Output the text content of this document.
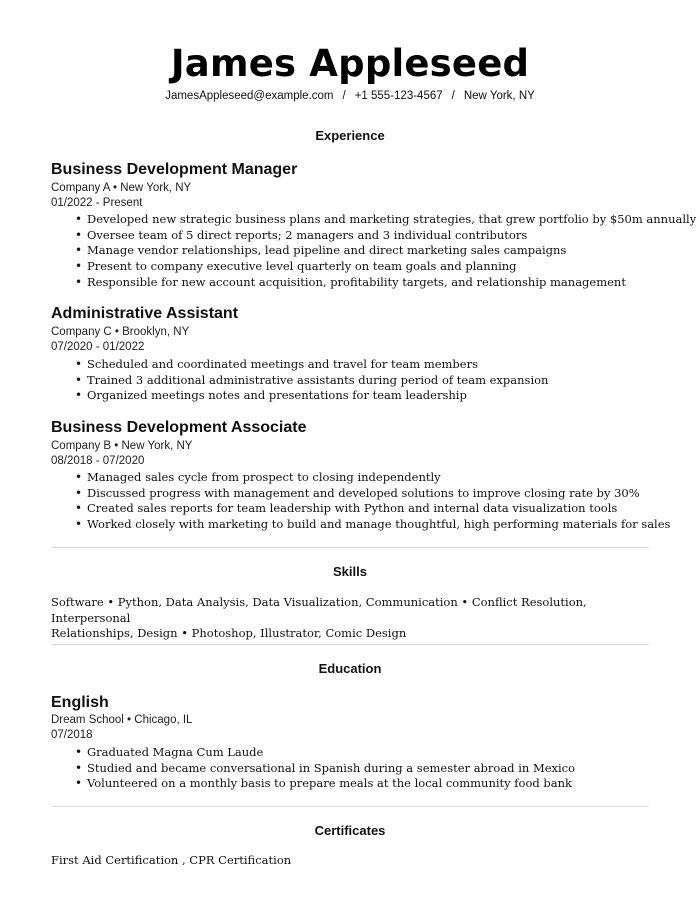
James Appleseed
JamesAppleseed@example.com / +1 555-123-4567 / New York, NY
Experience
Business Development Manager
Company A • New York, NY
01/2022 - Present
• Developed new strategic business plans and marketing strategies, that grew portfolio by $50m annually
• Oversee team of 5 direct reports; 2 managers and 3 individual contributors
• Manage vendor relationships, lead pipeline and direct marketing sales campaigns
• Present to company executive level quarterly on team goals and planning
• Responsible for new account acquisition, profitability targets, and relationship management
Administrative Assistant
Company C • Brooklyn, NY
07/2020 - 01/2022
• Scheduled and coordinated meetings and travel for team members
• Trained 3 additional administrative assistants during period of team expansion
• Organized meetings notes and presentations for team leadership
Business Development Associate
Company B • New York, NY
08/2018 - 07/2020
• Managed sales cycle from prospect to closing independently
• Discussed progress with management and developed solutions to improve closing rate by 30%
• Created sales reports for team leadership with Python and internal data visualization tools
• Worked closely with marketing to build and manage thoughtful, high performing materials for sales
Skills
Software • Python, Data Analysis, Data Visualization, Communication • Conflict Resolution, Interpersonal
Relationships, Design • Photoshop, Illustrator, Comic Design
Education
English
Dream School • Chicago, IL
07/2018
• Graduated Magna Cum Laude
• Studied and became conversational in Spanish during a semester abroad in Mexico
• Volunteered on a monthly basis to prepare meals at the local community food bank
Certificates
First Aid Certification , CPR Certification
